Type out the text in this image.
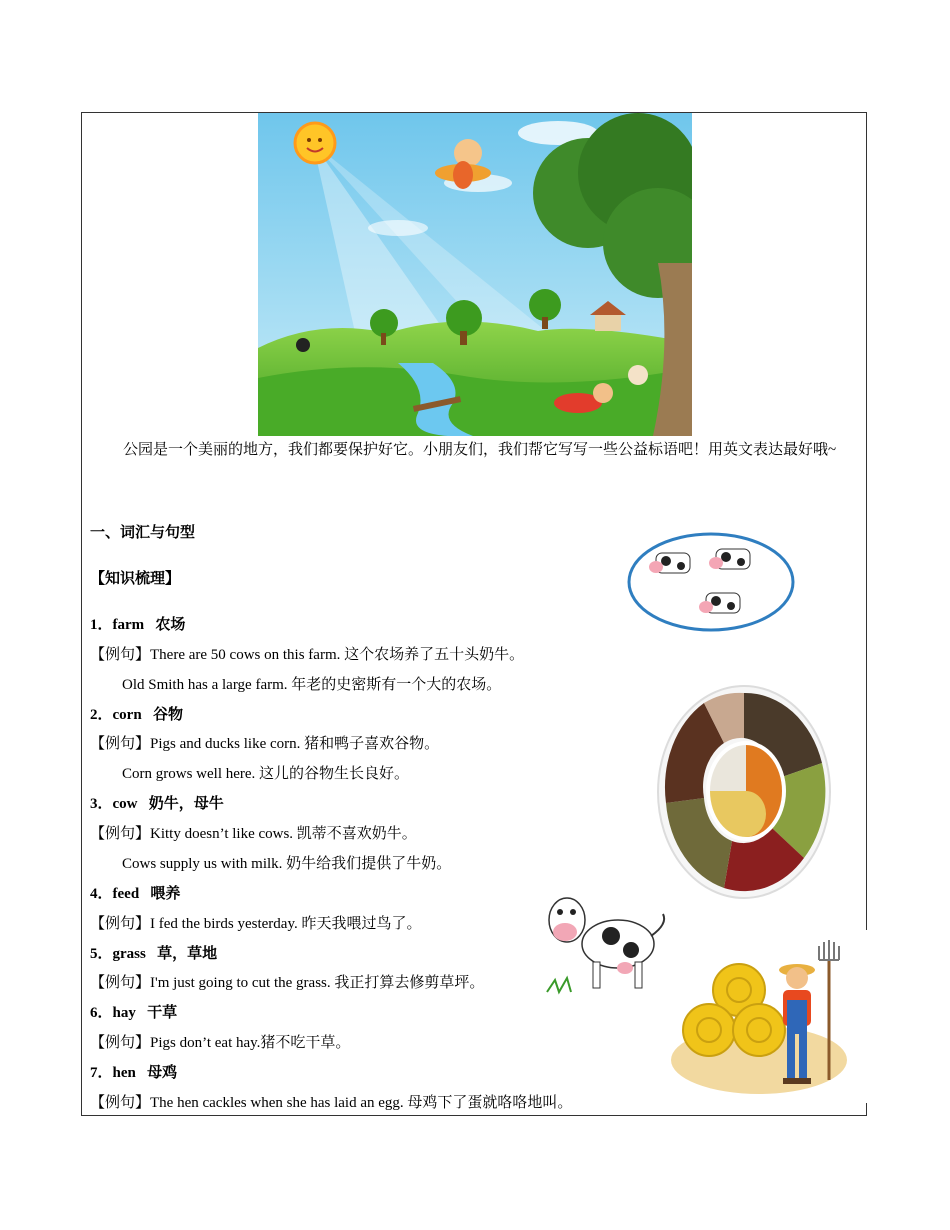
公园是一个美丽的地方，我们都要保护好它。小朋友们，我们帮它写写一些公益标语吧！用英文表达最好哦~
一、词汇与句型
【知识梳理】
1．farm 农场
【例句】There are 50 cows on this farm. 这个农场养了五十头奶牛。
Old Smith has a large farm. 年老的史密斯有一个大的农场。
2．corn 谷物
【例句】Pigs and ducks like corn. 猪和鸭子喜欢谷物。
Corn grows well here. 这儿的谷物生长良好。
3．cow 奶牛，母牛
【例句】Kitty doesn’t like cows. 凯蒂不喜欢奶牛。
Cows supply us with milk. 奶牛给我们提供了牛奶。
4．feed 喂养
【例句】I fed the birds yesterday. 昨天我喂过鸟了。
5．grass 草，草地
【例句】I'm just going to cut the grass. 我正打算去修剪草坪。
6．hay 干草
【例句】Pigs don’t eat hay.猪不吃干草。
7．hen 母鸡
【例句】The hen cackles when she has laid an egg. 母鸡下了蛋就咯咯地叫。
